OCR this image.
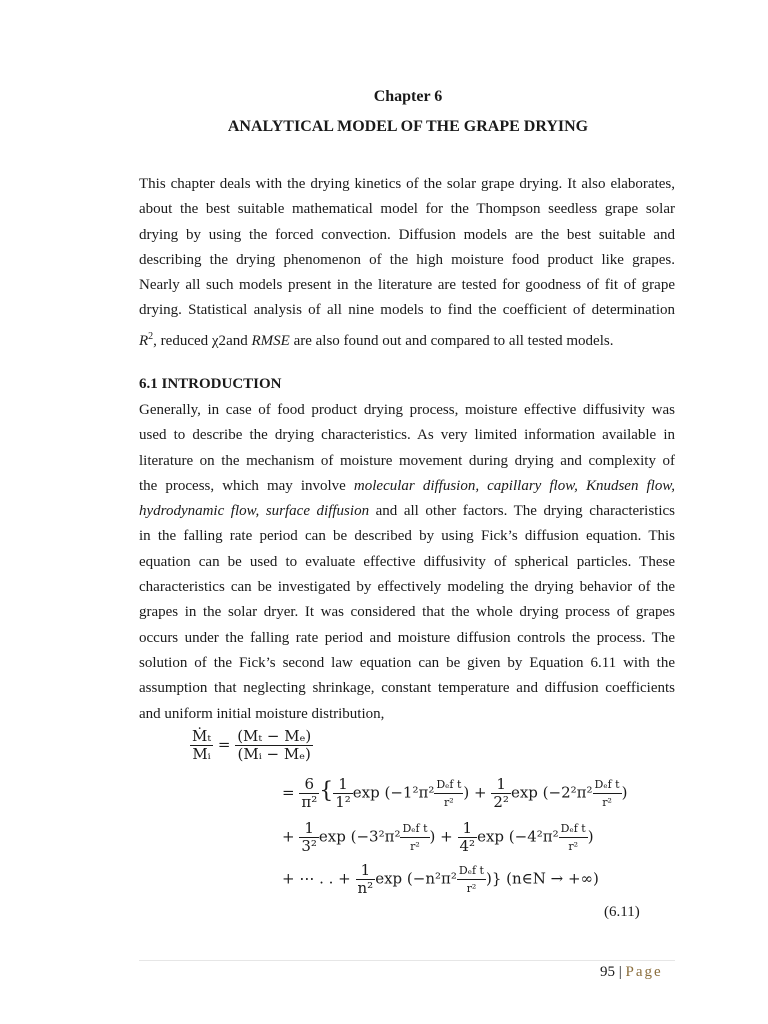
Chapter 6
ANALYTICAL MODEL OF THE GRAPE DRYING
This chapter deals with the drying kinetics of the solar grape drying. It also elaborates,
about the best suitable mathematical model for the Thompson seedless grape solar
drying by using the forced convection. Diffusion models are the best suitable and
describing the drying phenomenon of the high moisture food product like grapes.
Nearly all such models present in the literature are tested for goodness of fit of grape
drying. Statistical analysis of all nine models to find the coefficient of determination
$R^2$, reduced χ2and RMSE are also found out and compared to all tested models.
6.1 INTRODUCTION
Generally, in case of food product drying process, moisture effective diffusivity was
used to describe the drying characteristics. As very limited information available in
literature on the mechanism of moisture movement during drying and complexity of
the process, which may involve molecular diffusion, capillary flow, Knudsen flow,
hydrodynamic flow, surface diffusion and all other factors. The drying characteristics
in the falling rate period can be described by using Fick’s diffusion equation. This
equation can be used to evaluate effective diffusivity of spherical particles. These
characteristics can be investigated by effectively modeling the drying behavior of the
grapes in the solar dryer. It was considered that the whole drying process of grapes
occurs under the falling rate period and moisture diffusion controls the process. The
solution of the Fick’s second law equation can be given by Equation 6.11 with the
assumption that neglecting shrinkage, constant temperature and diffusion coefficients
and uniform initial moisture distribution,
$\frac{\text{Ṁₜ}}{\text{Mᵢ}} = \frac{\text{(Mₜ − Mₑ)}}{\text{(Mᵢ − Mₑ)}}$
= $\frac{6}{\text{π²}}$ { $\frac{1}{\text{1²}}$ $\exp (-1^2\pi^2 \frac{\text{Dₑf t}}{\text{r²}}$ ) + $\frac{1}{\text{2²}}$ $\exp (-2^2\pi^2 \frac{\text{Dₑf t}}{\text{r²}}$ )
+ $\frac{1}{\text{3²}}$ $\exp (-3^2\pi^2 \frac{\text{Dₑf t}}{\text{r²}}$ ) + $\frac{1}{\text{4²}}$ $\exp (-4^2\pi^2 \frac{\text{Dₑf t}}{\text{r²}}$ )
+ ⋯ . . + $\frac{1}{\text{n²}}$ $\exp (-n^2\pi^2 \frac{\text{Dₑf t}}{\text{r²}}$ )} (n∈N → +∞)
(6.11)
95 | Page
